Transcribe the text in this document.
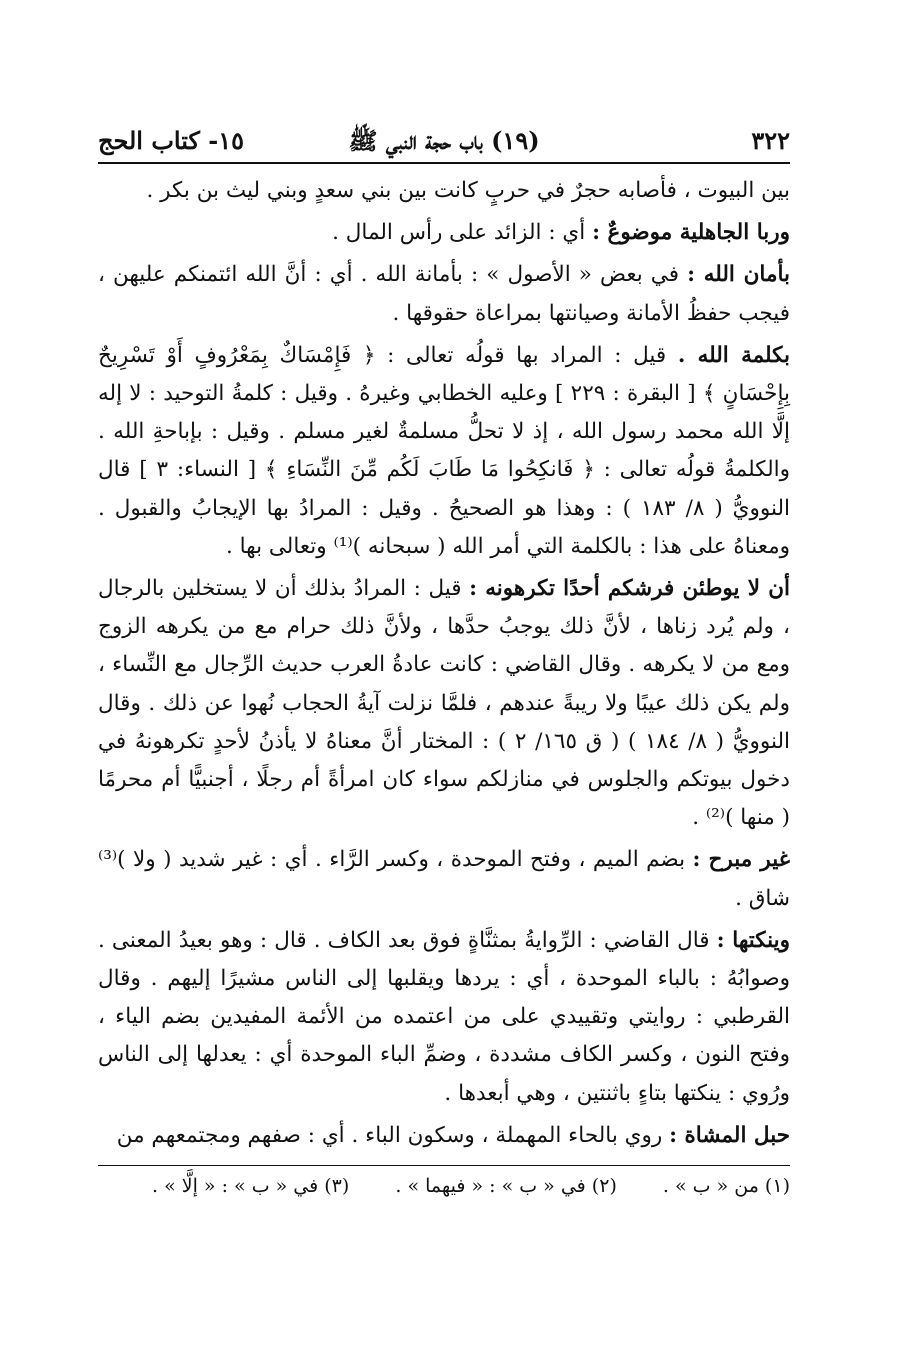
٣٢٢
(١٩) باب حجة النبي ﷺ
١٥- كتاب الحج

بين البيوت ، فأصابه حجرٌ في حربٍ كانت بين بني سعدٍ وبني ليث بن بكر .

وربا الجاهلية موضوعٌ : أي : الزائد على رأس المال .

بأمان الله : في بعض « الأصول » : بأمانة الله . أي : أنَّ الله ائتمنكم عليهن ، فيجب حفظُ الأمانة وصيانتها بمراعاة حقوقها .

بكلمة الله . قيل : المراد بها قولُه تعالى : ﴿ فَإِمْسَاكٌ بِمَعْرُوفٍ أَوْ تَسْرِيحٌ بِإِحْسَانٍ ﴾ [ البقرة : ٢٢٩ ] وعليه الخطابي وغيرهُ . وقيل : كلمةُ التوحيد : لا إله إلَّا الله محمد رسول الله ، إذ لا تحلُّ مسلمةٌ لغير مسلم . وقيل : بإباحةِ الله . والكلمةُ قولُه تعالى : ﴿ فَانكِحُوا مَا طَابَ لَكُم مِّنَ النِّسَاءِ ﴾ [ النساء: ٣ ] قال النوويُّ ( ٨/ ١٨٣ ) : وهذا هو الصحيحُ . وقيل : المرادُ بها الإيجابُ والقبول . ومعناهُ على هذا : بالكلمة التي أمر الله ( سبحانه )⁽¹⁾ وتعالى بها .

أن لا يوطئن فرشكم أحدًا تكرهونه : قيل : المرادُ بذلك أن لا يستخلين بالرجال ، ولم يُرد زناها ، لأنَّ ذلك يوجبُ حدَّها ، ولأنَّ ذلك حرام مع من يكرهه الزوج ومع من لا يكرهه . وقال القاضي : كانت عادةُ العرب حديث الرِّجال مع النِّساء ، ولم يكن ذلك عيبًا ولا ريبةً عندهم ، فلمَّا نزلت آيةُ الحجاب نُهوا عن ذلك . وقال النوويُّ ( ٨/ ١٨٤ ) ( ق ١٦٥/ ٢ ) : المختار أنَّ معناهُ لا يأذنُ لأحدٍ تكرهونهُ في دخول بيوتكم والجلوس في منازلكم سواء كان امرأةً أم رجلًا ، أجنبيًّا أم محرمًا ( منها )⁽²⁾ .

غير مبرح : بضم الميم ، وفتح الموحدة ، وكسر الرَّاء . أي : غير شديد ( ولا )⁽³⁾ شاق .

وينكتها : قال القاضي : الرِّوايةُ بمثنَّاةٍ فوق بعد الكاف . قال : وهو بعيدُ المعنى . وصوابُهُ : بالباء الموحدة ، أي : يردها ويقلبها إلى الناس مشيرًا إليهم . وقال القرطبي : روايتي وتقييدي على من اعتمده من الأئمة المفيدين بضم الياء ، وفتح النون ، وكسر الكاف مشددة ، وضمِّ الباء الموحدة أي : يعدلها إلى الناس ورُوي : ينكتها بتاءٍ باثنتين ، وهي أبعدها .

حبل المشاة : روي بالحاء المهملة ، وسكون الباء . أي : صفهم ومجتمعهم من

(١) من « ب » . (٢) في « ب » : « فيهما » . (٣) في « ب » : « إلَّا » .
